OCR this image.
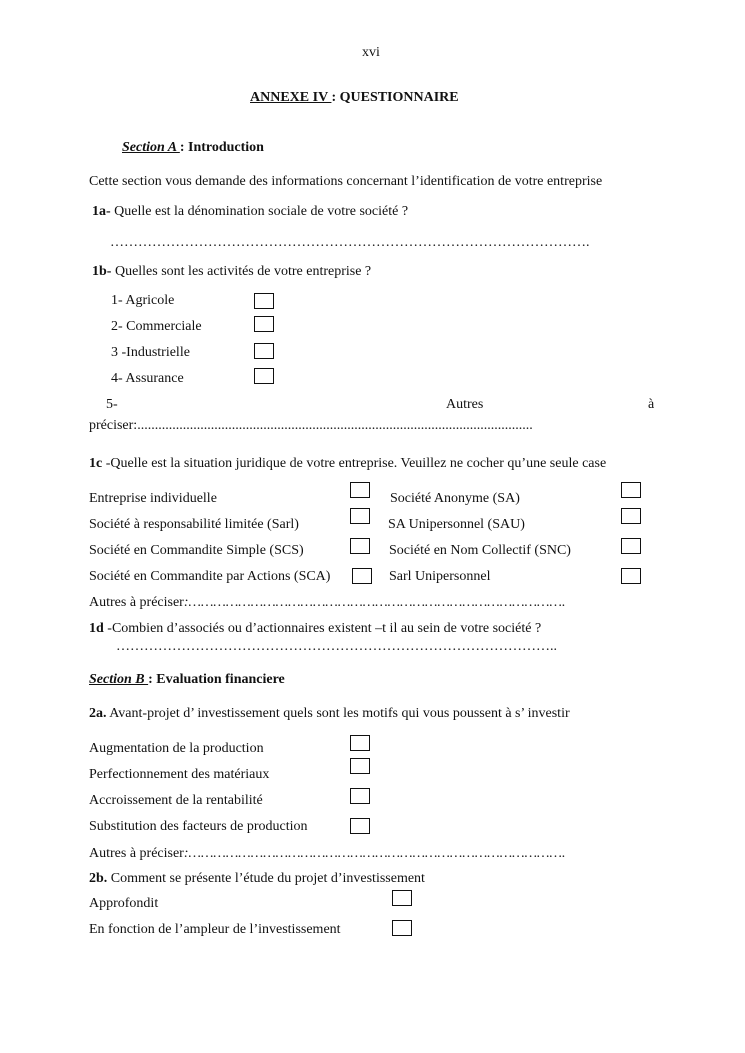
xvi
ANNEXE IV : QUESTIONNAIRE
Section A : Introduction
Cette section vous demande des informations concernant l’identification de votre entreprise
1a- Quelle est la dénomination sociale de votre société ?
………………………………………………………………………………………….
1b- Quelles sont les activités de votre entreprise ?
1- Agricole
2- Commerciale
3 -Industrielle
4- Assurance
5-	Autres	à
préciser:.................................................................................................................
1c -Quelle est la situation juridique de votre entreprise. Veuillez ne cocher qu’une seule case
Entreprise individuelle	Société Anonyme (SA)
Société à responsabilité limitée (Sarl)	SA Unipersonnel (SAU)
Société en Commandite Simple (SCS)	Société en Nom Collectif (SNC)
Société en Commandite par Actions (SCA)	Sarl Unipersonnel
Autres à préciser:……………………………………………………………………………….
1d -Combien d’associés ou d’actionnaires existent –t il au sein de votre société ?
…………………………………………………………………………………..
Section B : Evaluation financiere
2a. Avant-projet d’ investissement quels sont les motifs qui vous poussent à s’ investir
Augmentation de la production
Perfectionnement des matériaux
Accroissement de la rentabilité
Substitution des facteurs de production
Autres à préciser:……………………………………………………………………………….
2b. Comment se présente l’étude du projet d’investissement
Approfondit
En fonction de l’ampleur de l’investissement
